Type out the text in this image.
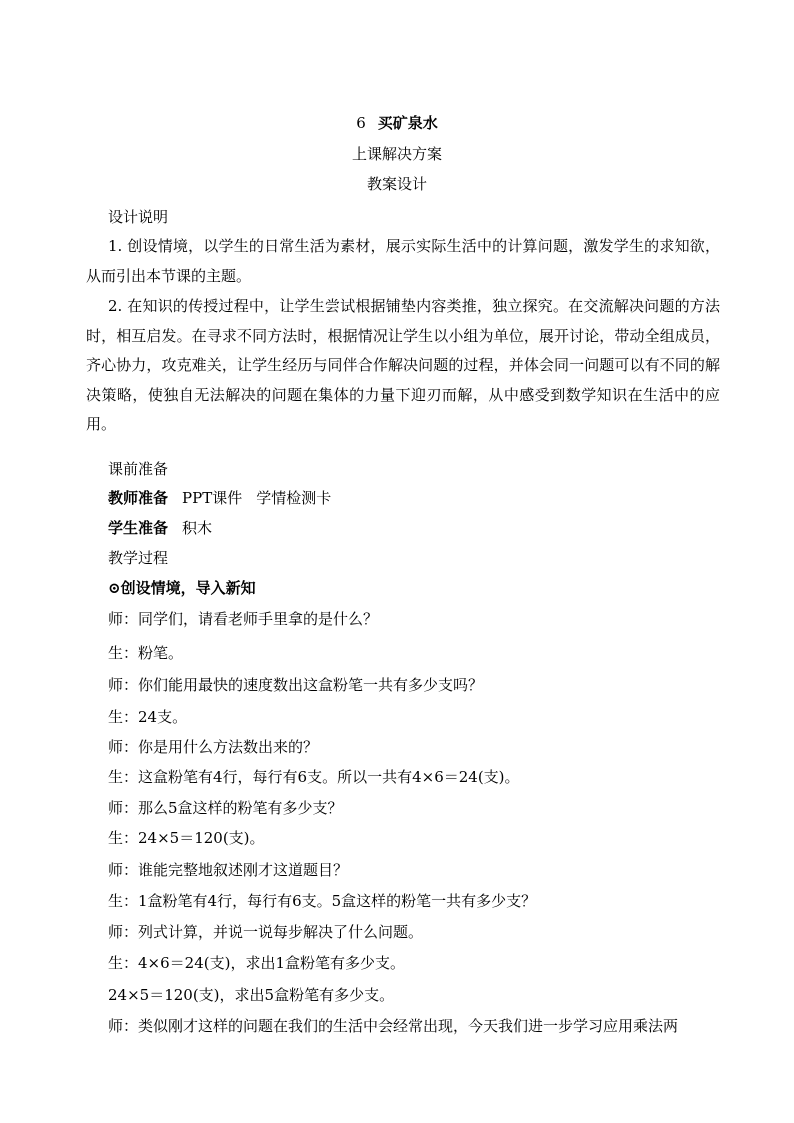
6 买矿泉水
上课解决方案
教案设计
设计说明
1. 创设情境，以学生的日常生活为素材，展示实际生活中的计算问题，激发学生的求知欲，从而引出本节课的主题。
2. 在知识的传授过程中，让学生尝试根据铺垫内容类推，独立探究。在交流解决问题的方法时，相互启发。在寻求不同方法时，根据情况让学生以小组为单位，展开讨论，带动全组成员，齐心协力，攻克难关，让学生经历与同伴合作解决问题的过程，并体会同一问题可以有不同的解决策略，使独自无法解决的问题在集体的力量下迎刃而解，从中感受到数学知识在生活中的应用。
课前准备
教师准备 PPT课件 学情检测卡
学生准备 积木
教学过程
⊙创设情境，导入新知
师：同学们，请看老师手里拿的是什么？
生：粉笔。
师：你们能用最快的速度数出这盒粉笔一共有多少支吗？
生：24支。
师：你是用什么方法数出来的？
生：这盒粉笔有4行，每行有6支。所以一共有4×6＝24(支)。
师：那么5盒这样的粉笔有多少支？
生：24×5＝120(支)。
师：谁能完整地叙述刚才这道题目？
生：1盒粉笔有4行，每行有6支。5盒这样的粉笔一共有多少支？
师：列式计算，并说一说每步解决了什么问题。
生：4×6＝24(支)，求出1盒粉笔有多少支。
24×5＝120(支)，求出5盒粉笔有多少支。
师：类似刚才这样的问题在我们的生活中会经常出现，今天我们进一步学习应用乘法两
